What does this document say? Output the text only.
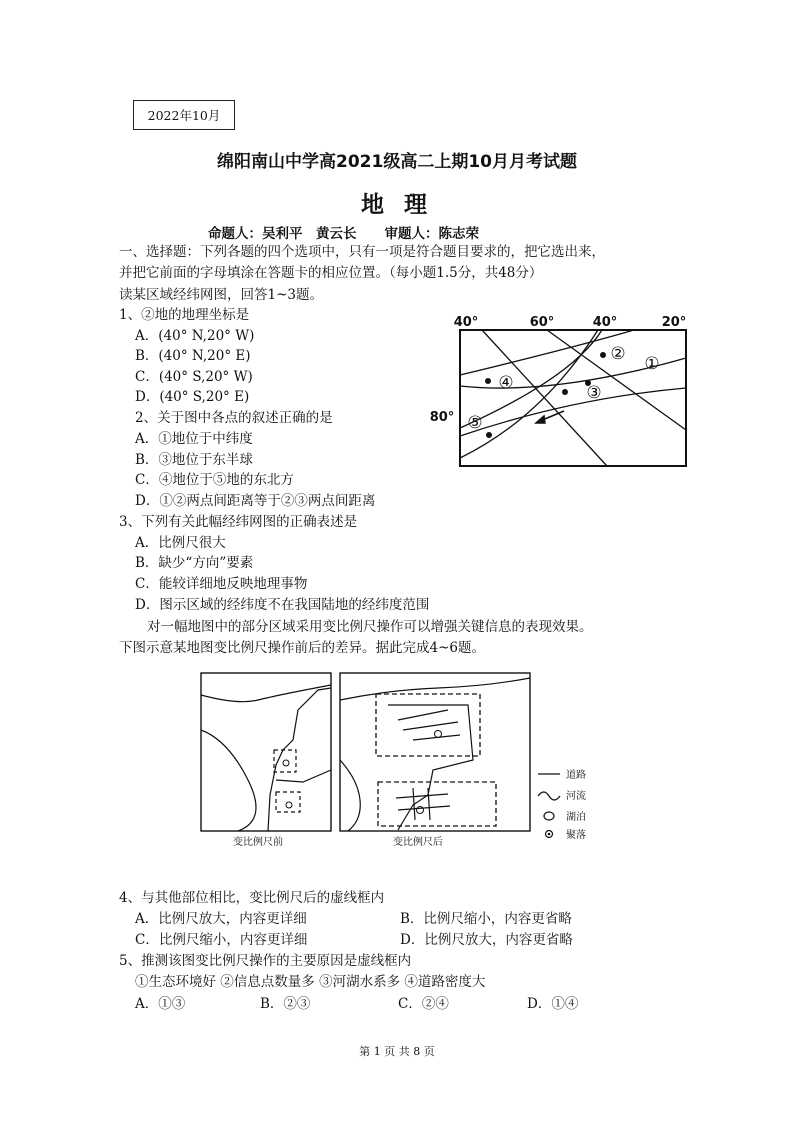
2022年10月
绵阳南山中学高2021级高二上期10月月考试题
地 理
命题人：吴利平　黄云长 审题人：陈志荣
一、选择题：下列各题的四个选项中，只有一项是符合题目要求的，把它选出来，
并把它前面的字母填涂在答题卡的相应位置。（每小题1.5分，共48分）
读某区域经纬网图，回答1~3题。
1、②地的地理坐标是
A．(40° N,20° W)
B．(40° N,20° E)
C．(40° S,20° W)
D．(40° S,20° E)
2、关于图中各点的叙述正确的是
A．①地位于中纬度
B．③地位于东半球
C．④地位于⑤地的东北方
D．①②两点间距离等于②③两点间距离
3、下列有关此幅经纬网图的正确表述是
A．比例尺很大
B．缺少“方向”要素
C．能较详细地反映地理事物
D．图示区域的经纬度不在我国陆地的经纬度范围
对一幅地图中的部分区域采用变比例尺操作可以增强关键信息的表现效果。
下图示意某地图变比例尺操作前后的差异。据此完成4~6题。
40°	60°	40°	20°
80°
①
②
③
④
⑤
变比例尺前	变比例尺后
道路
河流
湖泊
聚落
4、与其他部位相比，变比例尺后的虚线框内
A．比例尺放大，内容更详细	B．比例尺缩小，内容更省略
C．比例尺缩小，内容更详细	D．比例尺放大，内容更省略
5、推测该图变比例尺操作的主要原因是虚线框内
①生态环境好 ②信息点数量多 ③河湖水系多 ④道路密度大
A．①③	B．②③	C．②④	D．①④
第 1 页 共 8 页
